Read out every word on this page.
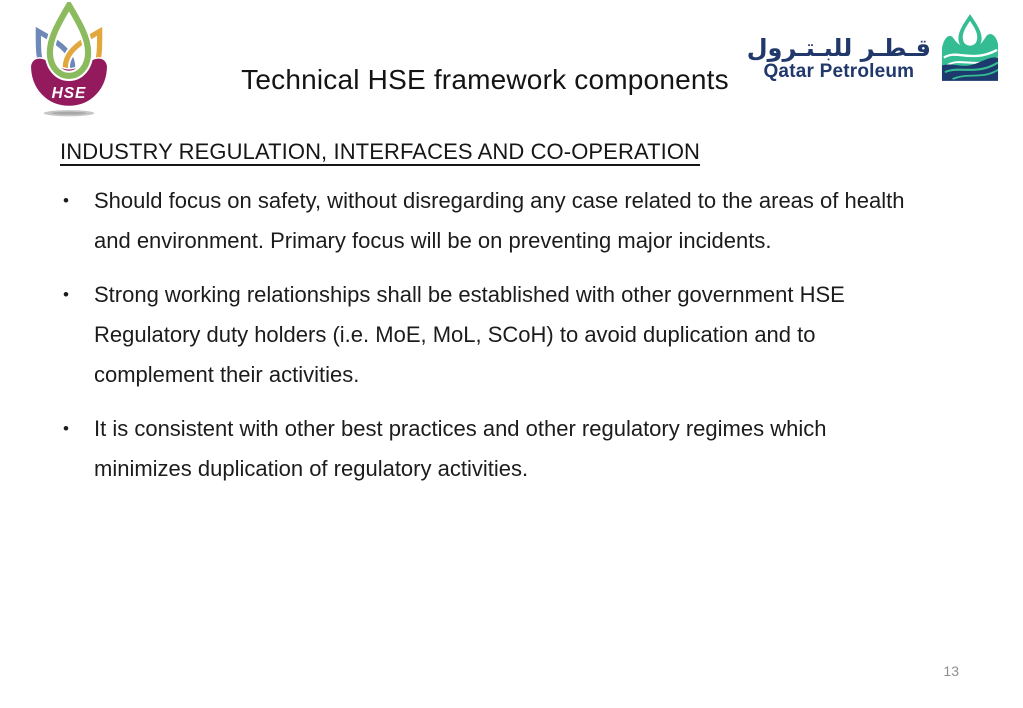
HSE	Technical HSE framework components
قـطـر للبـتـرول
Qatar Petroleum
INDUSTRY REGULATION, INTERFACES AND CO-OPERATION
• Should focus on safety, without disregarding any case related to the areas of health and environment. Primary focus will be on preventing major incidents.
• Strong working relationships shall be established with other government HSE Regulatory duty holders (i.e. MoE, MoL, SCoH) to avoid duplication and to complement their activities.
• It is consistent with other best practices and other regulatory regimes which minimizes duplication of regulatory activities.
13
